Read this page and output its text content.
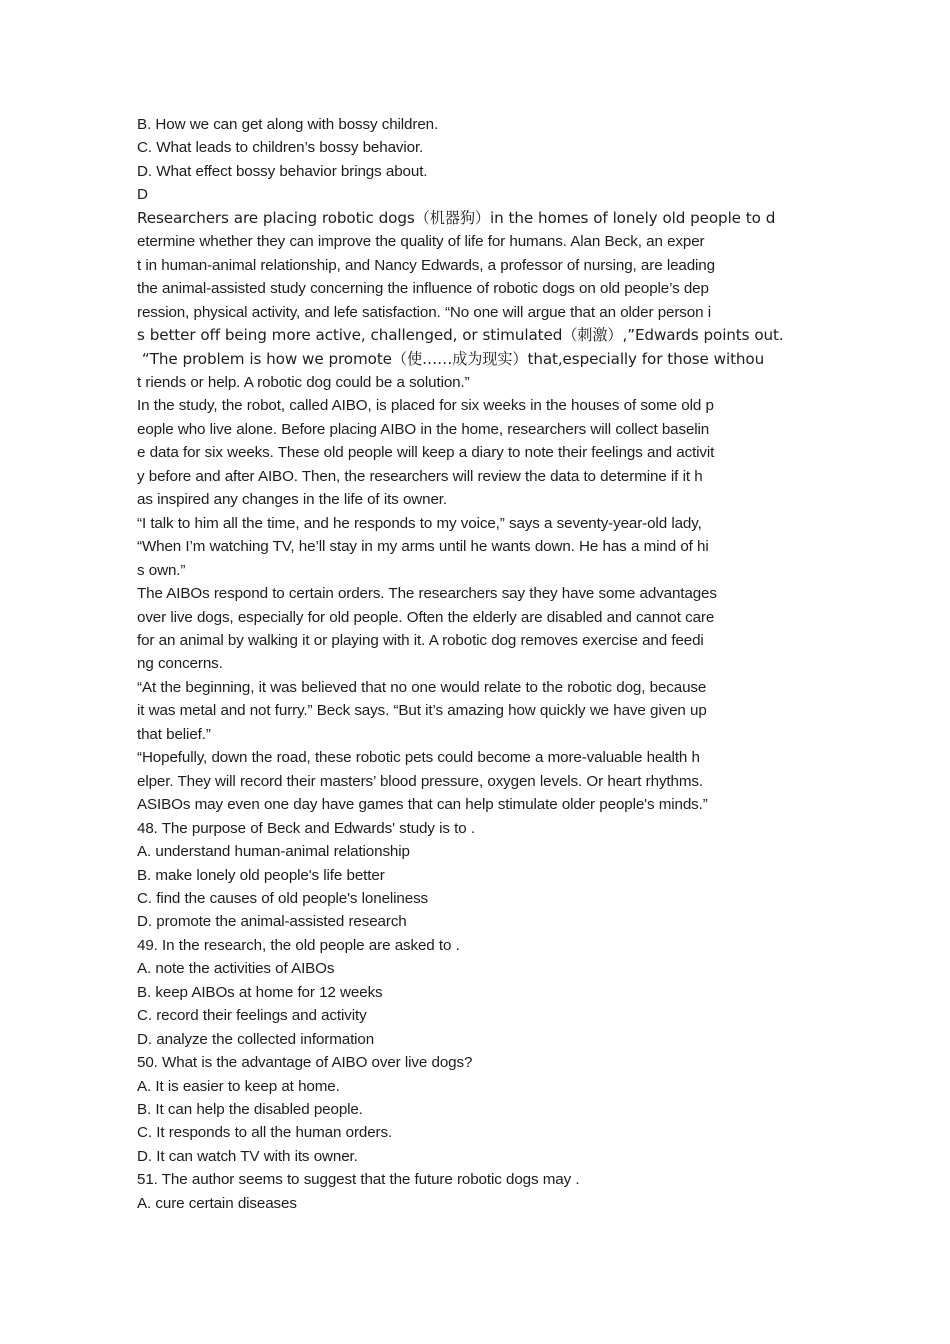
B. How we can get along with bossy children.
C. What leads to children’s bossy behavior.
D. What effect bossy behavior brings about.
D
Researchers are placing robotic dogs（机器狗）in the homes of lonely old people to d
etermine whether they can improve the quality of life for humans. Alan Beck, an exper
t in human-animal relationship, and Nancy Edwards, a professor of nursing, are leading
the animal-assisted study concerning the influence of robotic dogs on old people’s dep
ression, physical activity, and lefe satisfaction. “No one will argue that an older person i
s better off being more active, challenged, or stimulated（刺激）,”Edwards points out.
“The problem is how we promote（使……成为现实）that,especially for those withou
t riends or help. A robotic dog could be a solution.”
In the study, the robot, called AIBO, is placed for six weeks in the houses of some old p
eople who live alone. Before placing AIBO in the home, researchers will collect baselin
e data for six weeks. These old people will keep a diary to note their feelings and activit
y before and after AIBO. Then, the researchers will review the data to determine if it h
as inspired any changes in the life of its owner.
“I talk to him all the time, and he responds to my voice,” says a seventy-year-old lady,
“When I’m watching TV, he’ll stay in my arms until he wants down. He has a mind of hi
s own.”
The AIBOs respond to certain orders. The researchers say they have some advantages
over live dogs, especially for old people. Often the elderly are disabled and cannot care
for an animal by walking it or playing with it. A robotic dog removes exercise and feedi
ng concerns.
“At the beginning, it was believed that no one would relate to the robotic dog, because
it was metal and not furry.” Beck says. “But it’s amazing how quickly we have given up
that belief.”
“Hopefully, down the road, these robotic pets could become a more-valuable health h
elper. They will record their masters’ blood pressure, oxygen levels. Or heart rhythms.
ASIBOs may even one day have games that can help stimulate older people's minds.”
48. The purpose of Beck and Edwards' study is to .
A. understand human-animal relationship
B. make lonely old people's life better
C. find the causes of old people's loneliness
D. promote the animal-assisted research
49. In the research, the old people are asked to .
A. note the activities of AIBOs
B. keep AIBOs at home for 12 weeks
C. record their feelings and activity
D. analyze the collected information
50. What is the advantage of AIBO over live dogs?
A. It is easier to keep at home.
B. It can help the disabled people.
C. It responds to all the human orders.
D. It can watch TV with its owner.
51. The author seems to suggest that the future robotic dogs may .
A. cure certain diseases
